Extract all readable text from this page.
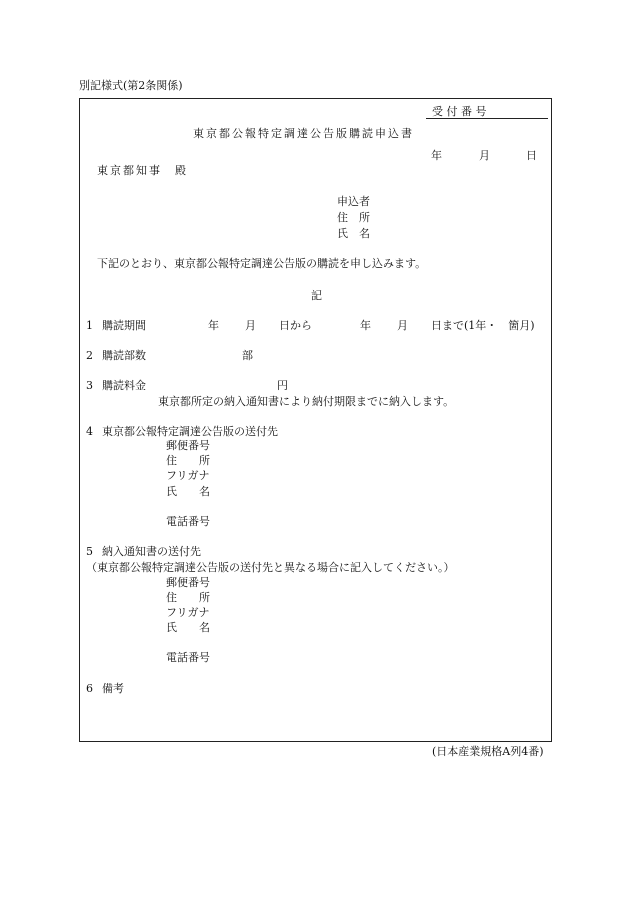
別記様式(第2条関係)
受 付 番 号
東京都公報特定調達公告版購読申込書
年	月	日
東京都知事　殿
申込者
住　所
氏　名
下記のとおり、東京都公報特定調達公告版の購読を申し込みます。
記
1 購読期間	年 月 日から	年 月 日まで(1年・　箇月)
2 購読部数	部
3 購読料金	円
東京都所定の納入通知書により納付期限までに納入します。
4 東京都公報特定調達公告版の送付先
郵便番号
住　　所
フリガナ
氏　　名
電話番号
5 納入通知書の送付先
（東京都公報特定調達公告版の送付先と異なる場合に記入してください。）
郵便番号
住　　所
フリガナ
氏　　名
電話番号
6 備考
(日本産業規格A列4番)
